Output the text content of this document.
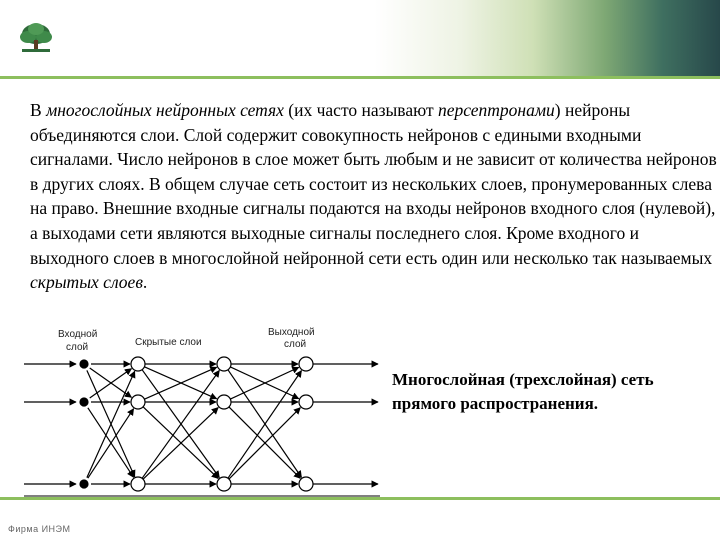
В многослойных нейронных сетях (их часто называют персептронами) нейроны объединяются слои. Слой содержит совокупность нейронов с едиными входными сигналами. Число нейронов в слое может быть любым и не зависит от количества нейронов в других слоях. В общем случае сеть состоит из нескольких слоев, пронумерованных слева на право. Внешние входные сигналы подаются на входы нейронов входного слоя (нулевой), а выходами сети являются выходные сигналы последнего слоя. Кроме входного и выходного слоев в многослойной нейронной сети есть один или несколько так называемых скрытых слоев.

Входной
слой	Скрытые слои
Выходной
слой

Многослойная (трехслойная) сеть прямого распространения.

Фирма ИНЭМ
